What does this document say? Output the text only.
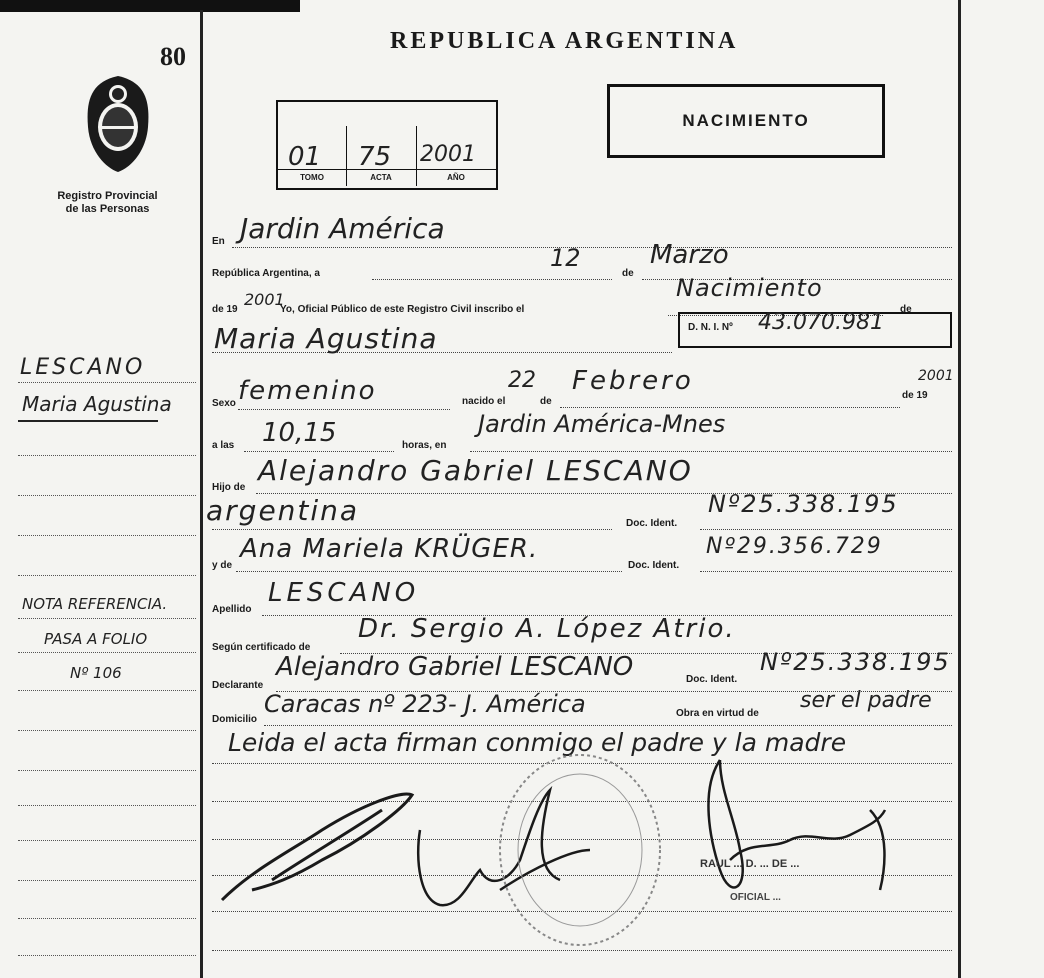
80
Registro Provincial
de las Personas
LESCANO
Maria Agustina
NOTA REFERENCIA.
PASA A FOLIO
Nº 106
REPUBLICA ARGENTINA
01
TOMO
75
ACTA
2001
AÑO
NACIMIENTO
En Jardin América
República Argentina, a
12
de
Marzo
de 19
2001
Yo, Oficial Público de este Registro Civil inscribo el
Nacimiento
de
Maria Agustina	D. N. I. Nº 43.070.981
Sexo femenino	nacido el
22
de
Febrero	de 19
2001
a las 10,15	horas, en
Jardin América-Mnes
Hijo de
Alejandro Gabriel LESCANO
argentina	Doc. Ident.
Nº25.338.195
y de
Ana Mariela KRÜGER.
Doc. Ident.
Nº29.356.729
Apellido
LESCANO
Según certificado de
Dr. Sergio A. López Atrio.
Declarante
Alejandro Gabriel LESCANO	Doc. Ident.
Nº25.338.195
Domicilio
Caracas nº 223- J. América	Obra en virtud de
ser el padre
Leida el acta firman conmigo el padre y la madre
RAUL ... D. ... DE ...
OFICIAL ...
